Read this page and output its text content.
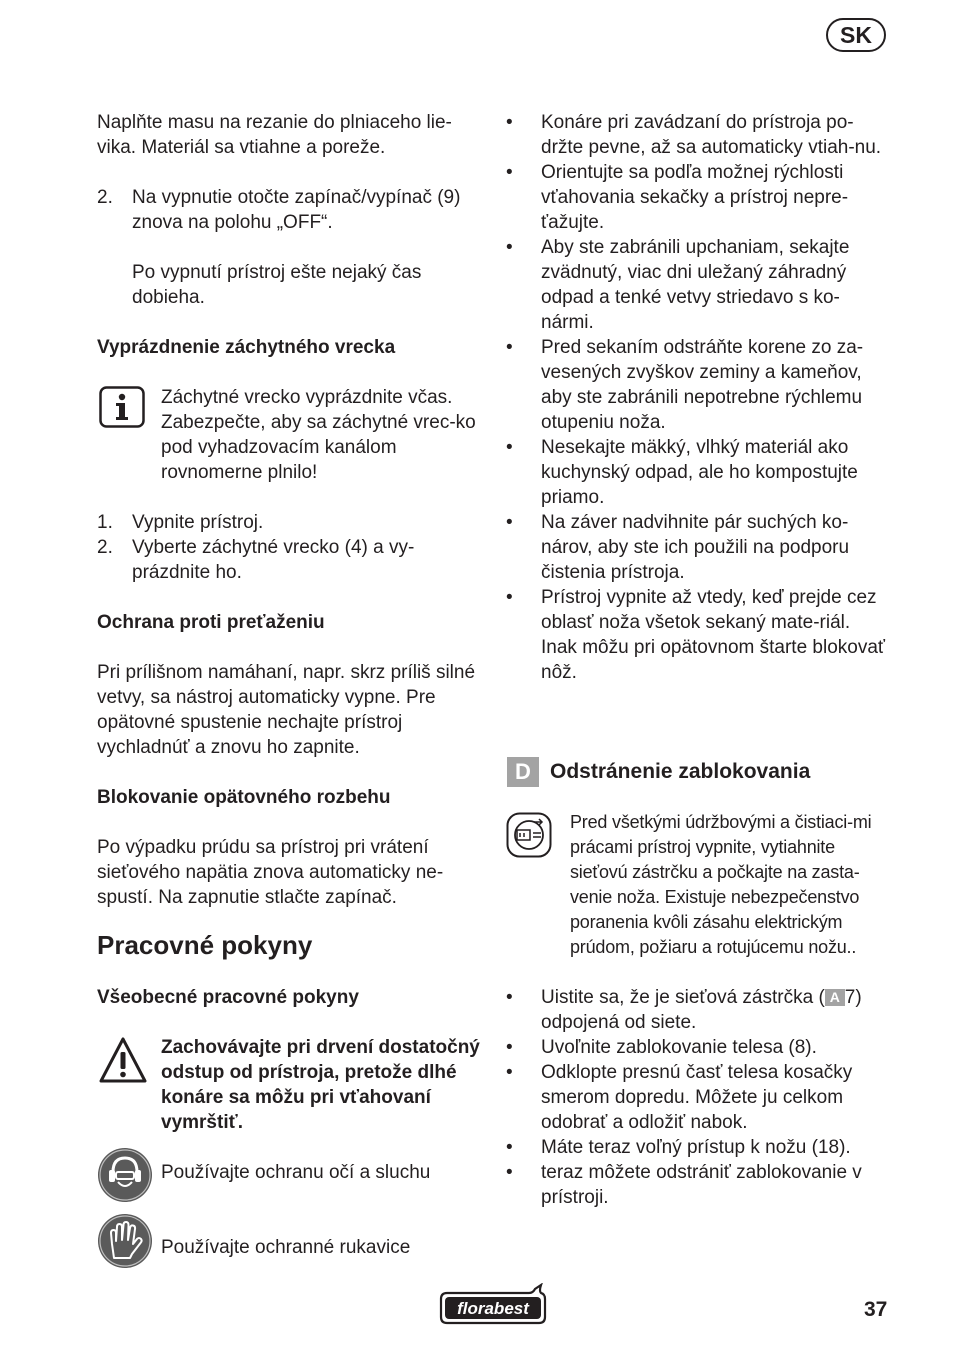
SK

Naplňte masu na rezanie do plniaceho lie-vika. Materiál sa vtiahne a poreže.

2. Na vypnutie otočte zapínač/vypínač (9) znova na polohu „OFF“.

Po vypnutí prístroj ešte nejaký čas dobieha.

Vyprázdnenie záchytného vrecka

Záchytné vrecko vyprázdnite včas. Zabezpečte, aby sa záchytné vrec-ko pod vyhadzovacím kanálom rovnomerne plnilo!

1. Vypnite prístroj.
2. Vyberte záchytné vrecko (4) a vy-prázdnite ho.
Ochrana proti preťaženiu

Pri prílišnom namáhaní, napr. skrz príliš silné vetvy, sa nástroj automaticky vypne. Pre opätovné spustenie nechajte prístroj vychladnúť a znovu ho zapnite.

Blokovanie opätovného rozbehu

Po výpadku prúdu sa prístroj pri vrátení sieťového napätia znova automaticky ne-spustí. Na zapnutie stlačte zapínač.

Pracovné pokyny
Všeobecné pracovné pokyny

Zachovávajte pri drvení dostatočný odstup od prístroja, pretože dlhé konáre sa môžu pri vťahovaní vymrštiť.

Používajte ochranu očí a sluchu

Používajte ochranné rukavice

• Konáre pri zavádzaní do prístroja po-držte pevne, až sa automaticky vtiah-nu.
• Orientujte sa podľa možnej rýchlosti vťahovania sekačky a prístroj nepre-ťažujte.
• Aby ste zabránili upchaniam, sekajte zvädnutý, viac dni uležaný záhradný odpad a tenké vetvy striedavo s ko-nármi.
• Pred sekaním odstráňte korene zo za-vesených zvyškov zeminy a kameňov, aby ste zabránili nepotrebne rýchlemu otupeniu noža.
• Nesekajte mäkký, vlhký materiál ako kuchynský odpad, ale ho kompostujte priamo.
• Na záver nadvihnite pár suchých ko-nárov, aby ste ich použili na podporu čistenia prístroja.
• Prístroj vypnite až vtedy, keď prejde cez oblasť noža všetok sekaný mate-riál. Inak môžu pri opätovnom štarte blokovať nôž.
D Odstránenie zablokovania

Pred všetkými údržbovými a čistiaci-mi prácami prístroj vypnite, vytiahnite sieťovú zástrčku a počkajte na zasta-venie noža. Existuje nebezpečenstvo poranenia kvôli zásahu elektrickým prúdom, požiaru a rotujúcemu nožu..

• Uistite sa, že je sieťová zástrčka ( A 7) odpojená od siete.
• Uvoľnite zablokovanie telesa (8).
• Odklopte presnú časť telesa kosačky smerom dopredu. Môžete ju celkom odobrať a odložiť nabok.
• Máte teraz voľný prístup k nožu (18).
• teraz môžete odstrániť zablokovanie v prístroji.
florabest	37
